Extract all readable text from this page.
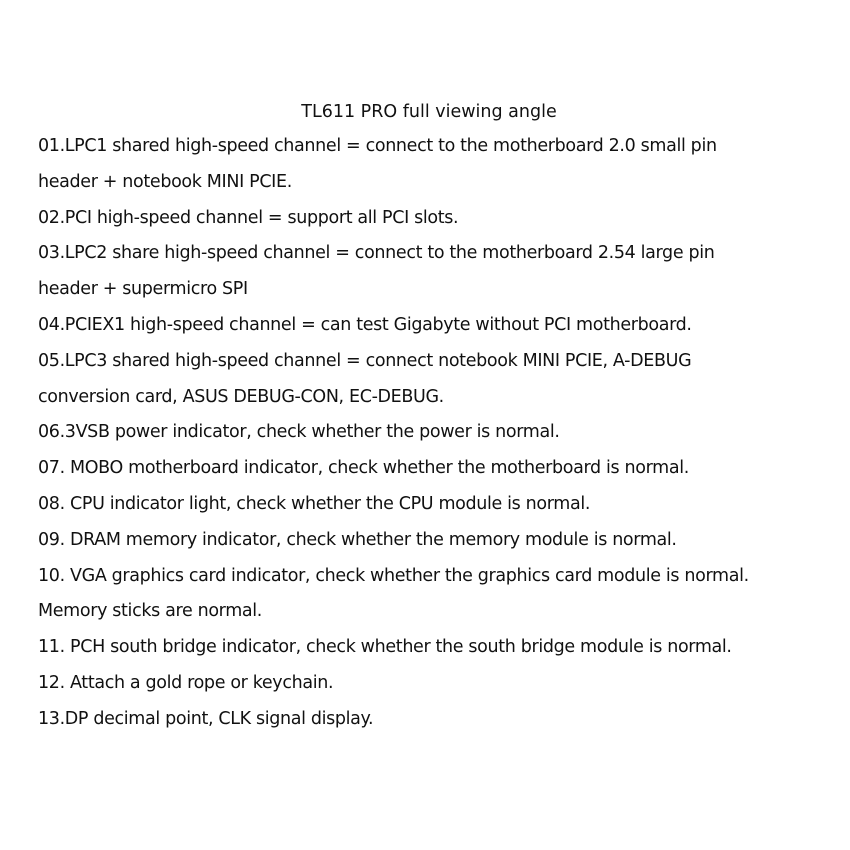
TL611 PRO full viewing angle
01.LPC1 shared high-speed channel = connect to the motherboard 2.0 small pin
header + notebook MINI PCIE.
02.PCI high-speed channel = support all PCI slots.
03.LPC2 share high-speed channel = connect to the motherboard 2.54 large pin
header + supermicro SPI
04.PCIEX1 high-speed channel = can test Gigabyte without PCI motherboard.
05.LPC3 shared high-speed channel = connect notebook MINI PCIE, A-DEBUG
conversion card, ASUS DEBUG-CON, EC-DEBUG.
06.3VSB power indicator, check whether the power is normal.
07. MOBO motherboard indicator, check whether the motherboard is normal.
08. CPU indicator light, check whether the CPU module is normal.
09. DRAM memory indicator, check whether the memory module is normal.
10. VGA graphics card indicator, check whether the graphics card module is normal.
Memory sticks are normal.
11. PCH south bridge indicator, check whether the south bridge module is normal.
12. Attach a gold rope or keychain.
13.DP decimal point, CLK signal display.
